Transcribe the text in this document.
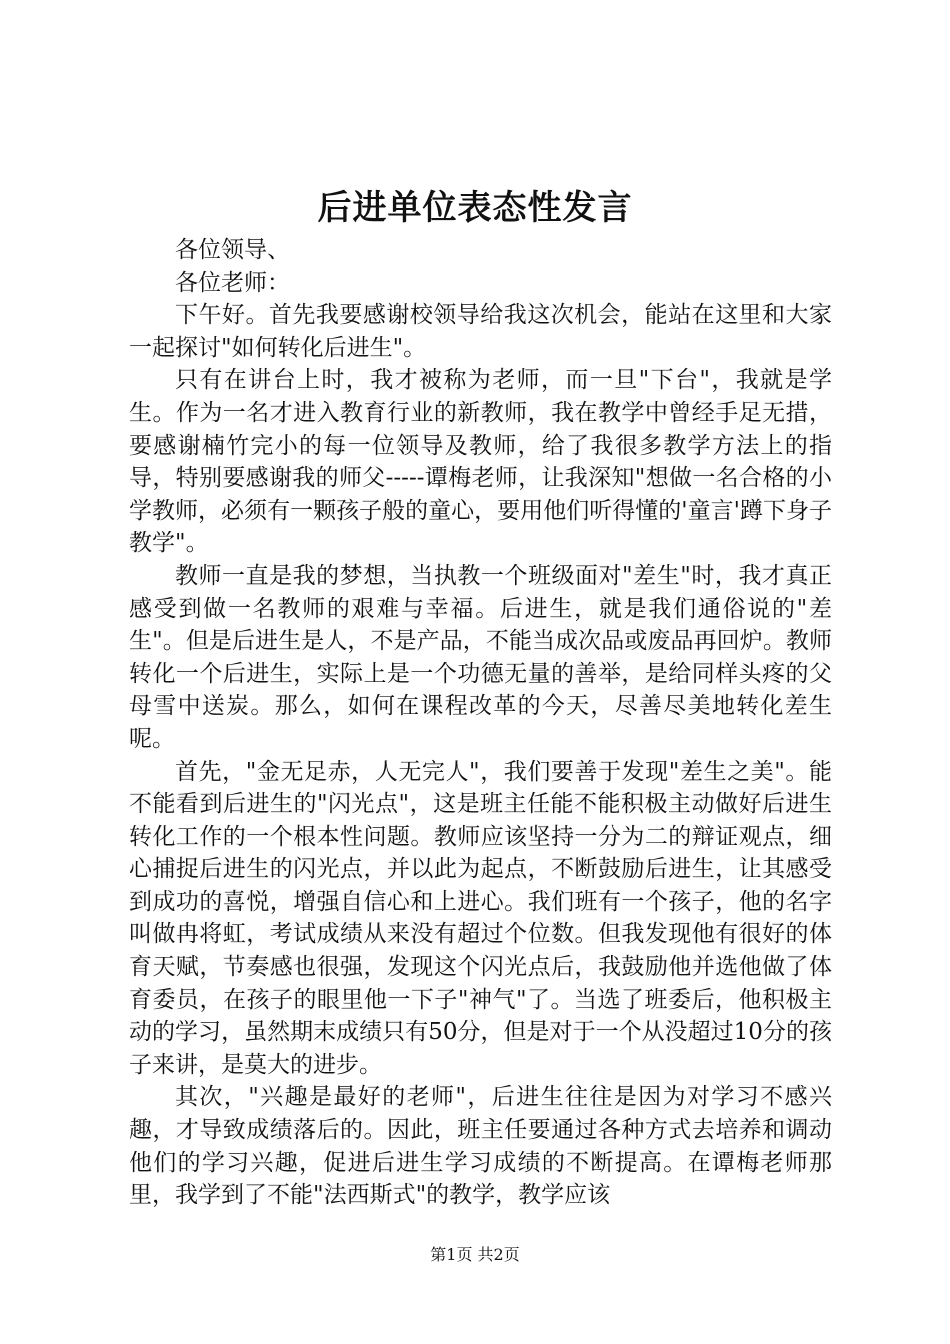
后进单位表态性发言

各位领导、

各位老师：

下午好。首先我要感谢校领导给我这次机会，能站在这里和大家一起探讨"如何转化后进生"。

只有在讲台上时，我才被称为老师，而一旦"下台"，我就是学生。作为一名才进入教育行业的新教师，我在教学中曾经手足无措，要感谢楠竹完小的每一位领导及教师，给了我很多教学方法上的指导，特别要感谢我的师父-----谭梅老师，让我深知"想做一名合格的小学教师，必须有一颗孩子般的童心，要用他们听得懂的'童言'蹲下身子教学"。

教师一直是我的梦想，当执教一个班级面对"差生"时，我才真正感受到做一名教师的艰难与幸福。后进生，就是我们通俗说的"差生"。但是后进生是人，不是产品，不能当成次品或废品再回炉。教师转化一个后进生，实际上是一个功德无量的善举，是给同样头疼的父母雪中送炭。那么，如何在课程改革的今天，尽善尽美地转化差生呢。

首先，"金无足赤，人无完人"，我们要善于发现"差生之美"。能不能看到后进生的"闪光点"，这是班主任能不能积极主动做好后进生转化工作的一个根本性问题。教师应该坚持一分为二的辩证观点，细心捕捉后进生的闪光点，并以此为起点，不断鼓励后进生，让其感受到成功的喜悦，增强自信心和上进心。我们班有一个孩子，他的名字叫做冉将虹，考试成绩从来没有超过个位数。但我发现他有很好的体育天赋，节奏感也很强，发现这个闪光点后，我鼓励他并选他做了体育委员，在孩子的眼里他一下子"神气"了。当选了班委后，他积极主动的学习，虽然期末成绩只有50分，但是对于一个从没超过10分的孩子来讲，是莫大的进步。

其次，"兴趣是最好的老师"，后进生往往是因为对学习不感兴趣，才导致成绩落后的。因此，班主任要通过各种方式去培养和调动他们的学习兴趣，促进后进生学习成绩的不断提高。在谭梅老师那里，我学到了不能"法西斯式"的教学，教学应该

第1页 共2页
